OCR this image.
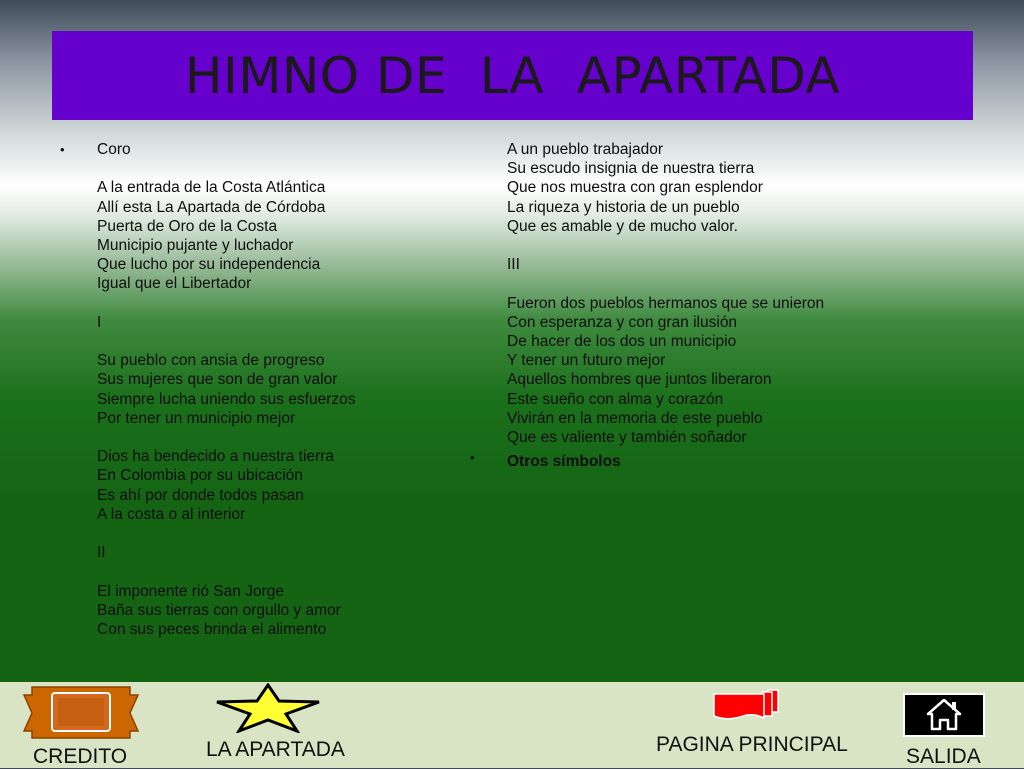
HIMNO DE  LA  APARTADA
• Coro

A la entrada de la Costa Atlántica
Allí esta La Apartada de Córdoba
Puerta de Oro de la Costa
Municipio pujante y luchador
Que lucho por su independencia
Igual que el Libertador

I

Su pueblo con ansia de progreso
Sus mujeres que son de gran valor
Siempre lucha uniendo sus esfuerzos
Por tener un municipio mejor

Dios ha bendecido a nuestra tierra
En Colombia por su ubicación
Es ahí por donde todos pasan
A la costa o al interior

II

El imponente rió San Jorge
Baña sus tierras con orgullo y amor
Con sus peces brinda el alimento

A un pueblo trabajador
Su escudo insignia de nuestra tierra
Que nos muestra con gran esplendor
La riqueza y historia de un pueblo
Que es amable y de mucho valor.

III

Fueron dos pueblos hermanos que se unieron
Con esperanza y con gran ilusión
De hacer de los dos un municipio
Y tener un futuro mejor
Aquellos hombres que juntos liberaron
Este sueño con alma y corazón
Vivirán en la memoria de este pueblo
Que es valiente y también soñador

• Otros símbolos
CREDITO	LA APARTADA	PAGINA PRINCIPAL
SALIDA
